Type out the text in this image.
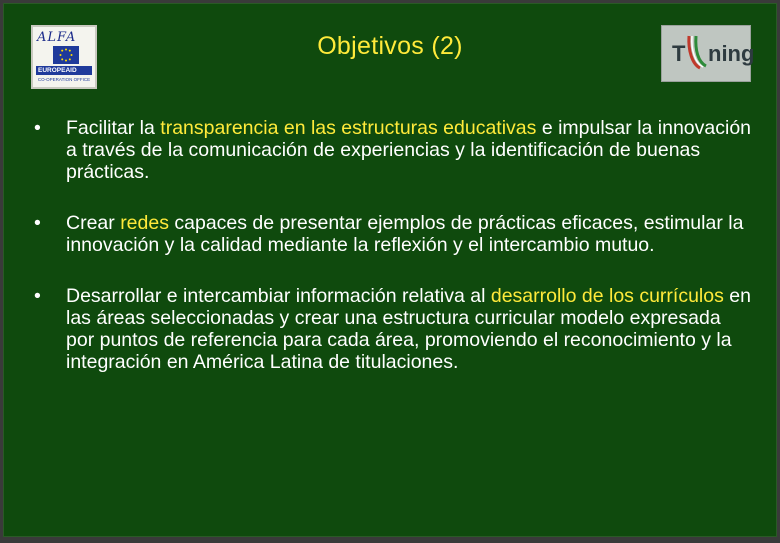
ALFA
EUROPEAID
CO-OPERATION OFFICE
Objetivos (2)	T ning
•	Facilitar la transparencia en las estructuras educativas e impulsar la innovación a través de la comunicación de experiencias y la identificación de buenas prácticas.
•	Crear redes capaces de presentar ejemplos de prácticas eficaces, estimular la innovación y la calidad mediante la reflexión y el intercambio mutuo.
•	Desarrollar e intercambiar información relativa al desarrollo de los currículos en las áreas seleccionadas y crear una estructura curricular modelo expresada por puntos de referencia para cada área, promoviendo el reconocimiento y la integración en América Latina de titulaciones.
